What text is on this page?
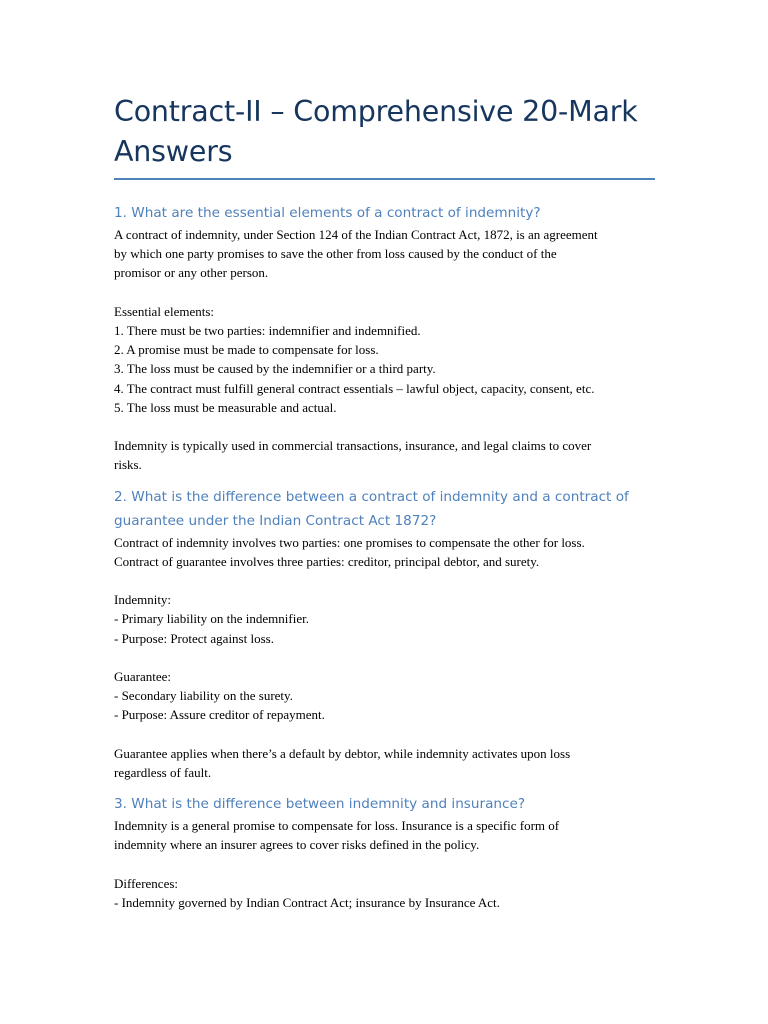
Contract-II – Comprehensive 20-Mark
Answers
1. What are the essential elements of a contract of indemnity?

A contract of indemnity, under Section 124 of the Indian Contract Act, 1872, is an agreement
by which one party promises to save the other from loss caused by the conduct of the
promisor or any other person.

Essential elements:
1. There must be two parties: indemnifier and indemnified.
2. A promise must be made to compensate for loss.
3. The loss must be caused by the indemnifier or a third party.
4. The contract must fulfill general contract essentials – lawful object, capacity, consent, etc.
5. The loss must be measurable and actual.

Indemnity is typically used in commercial transactions, insurance, and legal claims to cover
risks.

2. What is the difference between a contract of indemnity and a contract of
guarantee under the Indian Contract Act 1872?

Contract of indemnity involves two parties: one promises to compensate the other for loss.
Contract of guarantee involves three parties: creditor, principal debtor, and surety.

Indemnity:
- Primary liability on the indemnifier.
- Purpose: Protect against loss.

Guarantee:
- Secondary liability on the surety.
- Purpose: Assure creditor of repayment.

Guarantee applies when there’s a default by debtor, while indemnity activates upon loss
regardless of fault.

3. What is the difference between indemnity and insurance?

Indemnity is a general promise to compensate for loss. Insurance is a specific form of
indemnity where an insurer agrees to cover risks defined in the policy.

Differences:
- Indemnity governed by Indian Contract Act; insurance by Insurance Act.
